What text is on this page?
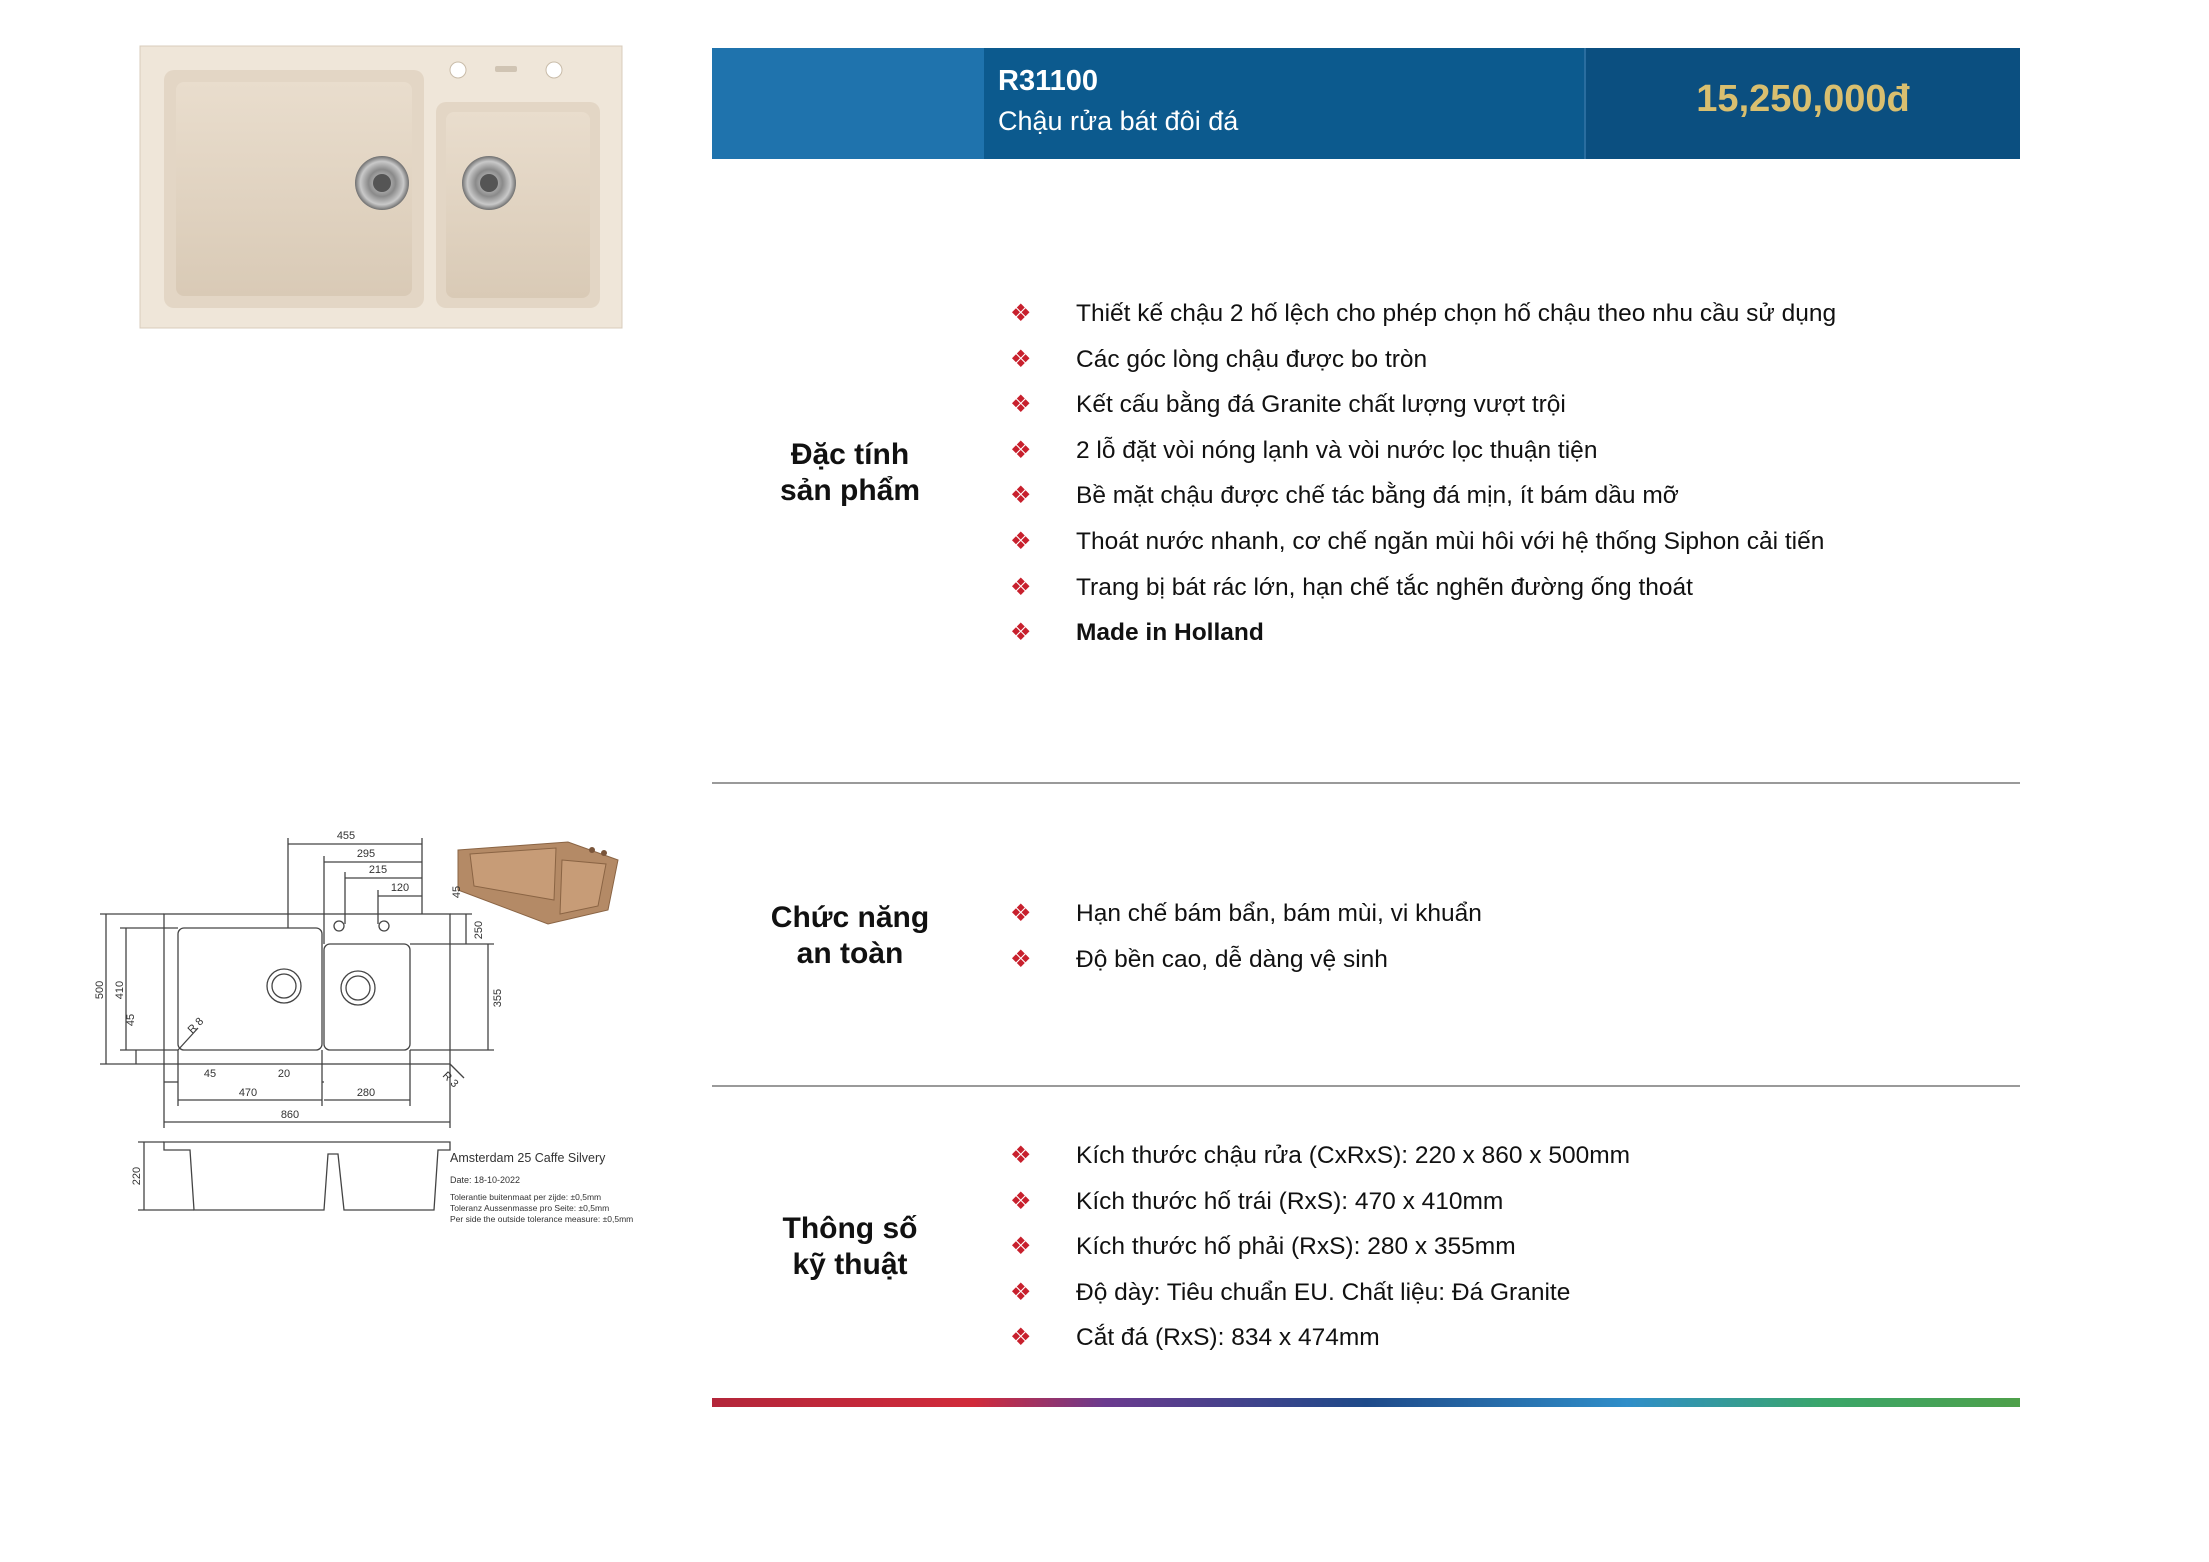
15,250,000đ
R31100
Chậu rửa bát đôi đá
Đặc tính
sản phẩm
❖ Thiết kế chậu 2 hố lệch cho phép chọn hố chậu theo nhu cầu sử dụng
❖ Các góc lòng chậu được bo tròn
❖ Kết cấu bằng đá Granite chất lượng vượt trội
❖ 2 lỗ đặt vòi nóng lạnh và vòi nước lọc thuận tiện
❖ Bề mặt chậu được chế tác bằng đá mịn, ít bám dầu mỡ
❖ Thoát nước nhanh, cơ chế ngăn mùi hôi với hệ thống Siphon cải tiến
❖ Trang bị bát rác lớn, hạn chế tắc nghẽn đường ống thoát
❖ Made in Holland
Chức năng
an toàn
❖ Hạn chế bám bẩn, bám mùi, vi khuẩn
❖ Độ bền cao, dễ dàng vệ sinh
Thông số
kỹ thuật
❖ Kích thước chậu rửa (CxRxS): 220 x 860 x 500mm
❖ Kích thước hố trái (RxS): 470 x 410mm
❖ Kích thước hố phải (RxS): 280 x 355mm
❖ Độ dày: Tiêu chuẩn EU. Chất liệu: Đá Granite
❖ Cắt đá (RxS): 834 x 474mm
455
295
215
120	45
250
355
500 410
45
45	20
470	280
860
R 8
R 3
220
Amsterdam 25 Caffe Silvery
Date: 18-10-2022
Tolerantie buitenmaat per zijde: ±0,5mm
Toleranz Aussenmasse pro Seite: ±0,5mm
Per side the outside tolerance measure: ±0,5mm
